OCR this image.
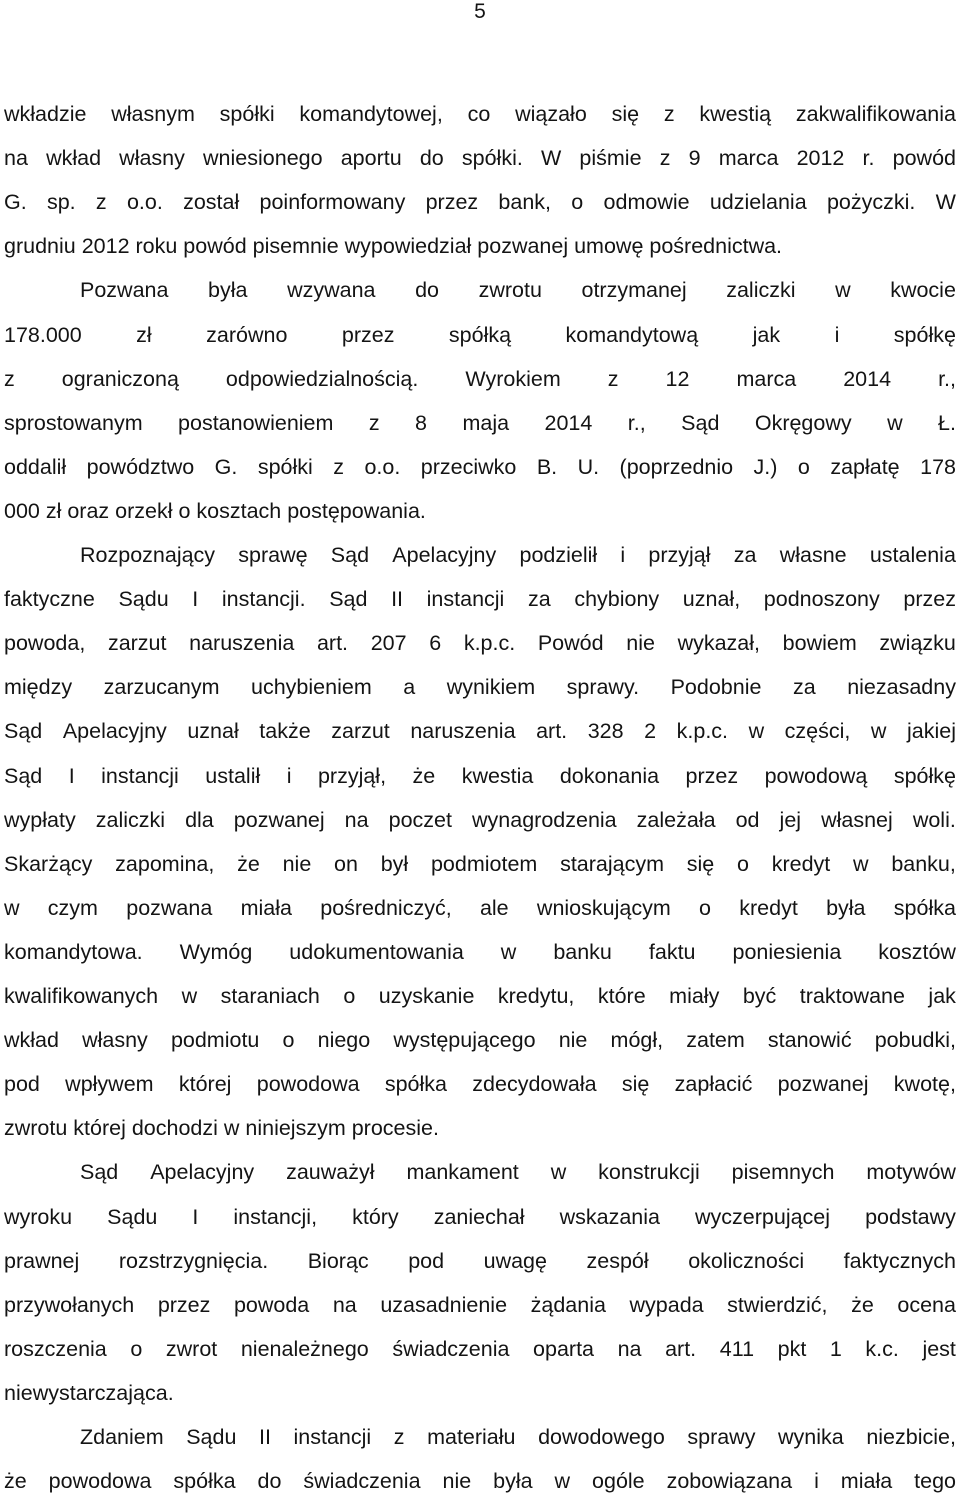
5
wkładzie własnym spółki komandytowej, co wiązało się z kwestią zakwalifikowania
na wkład własny wniesionego aportu do spółki. W piśmie z 9 marca 2012 r. powód
G. sp. z o.o. został poinformowany przez bank, o odmowie udzielania pożyczki. W
grudniu 2012 roku powód pisemnie wypowiedział pozwanej umowę pośrednictwa.
Pozwana była wzywana do zwrotu otrzymanej zaliczki w kwocie
178.000	zł	zarówno	przez	spółką	komandytową	jak	i	spółkę
z ograniczoną odpowiedzialnością. Wyrokiem z 12 marca 2014 r.,
sprostowanym postanowieniem z 8 maja 2014 r., Sąd Okręgowy w Ł.
oddalił powództwo G. spółki z o.o. przeciwko B. U. (poprzednio J.) o zapłatę 178
000 zł oraz orzekł o kosztach postępowania.
Rozpoznający sprawę Sąd Apelacyjny podzielił i przyjął za własne ustalenia
faktyczne Sądu I instancji. Sąd II instancji za chybiony uznał, podnoszony przez
powoda, zarzut naruszenia art. 207 6 k.p.c. Powód nie wykazał, bowiem związku
między zarzucanym uchybieniem a wynikiem sprawy. Podobnie za niezasadny
Sąd Apelacyjny uznał także zarzut naruszenia art. 328 2 k.p.c. w części, w jakiej
Sąd I instancji ustalił i przyjął, że kwestia dokonania przez powodową spółkę
wypłaty zaliczki dla pozwanej na poczet wynagrodzenia zależała od jej własnej woli.
Skarżący zapomina, że nie on był podmiotem starającym się o kredyt w banku,
w czym pozwana miała pośredniczyć, ale wnioskującym o kredyt była spółka
komandytowa. Wymóg udokumentowania w banku faktu poniesienia kosztów
kwalifikowanych w staraniach o uzyskanie kredytu, które miały być traktowane jak
wkład własny podmiotu o niego występującego nie mógł, zatem stanowić pobudki,
pod wpływem której powodowa spółka zdecydowała się zapłacić pozwanej kwotę,
zwrotu której dochodzi w niniejszym procesie.
Sąd Apelacyjny zauważył mankament w konstrukcji pisemnych motywów
wyroku Sądu I instancji, który zaniechał wskazania wyczerpującej podstawy
prawnej rozstrzygnięcia. Biorąc pod uwagę zespół okoliczności faktycznych
przywołanych przez powoda na uzasadnienie żądania wypada stwierdzić, że ocena
roszczenia o zwrot nienależnego świadczenia oparta na art. 411 pkt 1 k.c. jest
niewystarczająca.
Zdaniem Sądu II instancji z materiału dowodowego sprawy wynika niezbicie,
że powodowa spółka do świadczenia nie była w ogóle zobowiązana i miała tego
